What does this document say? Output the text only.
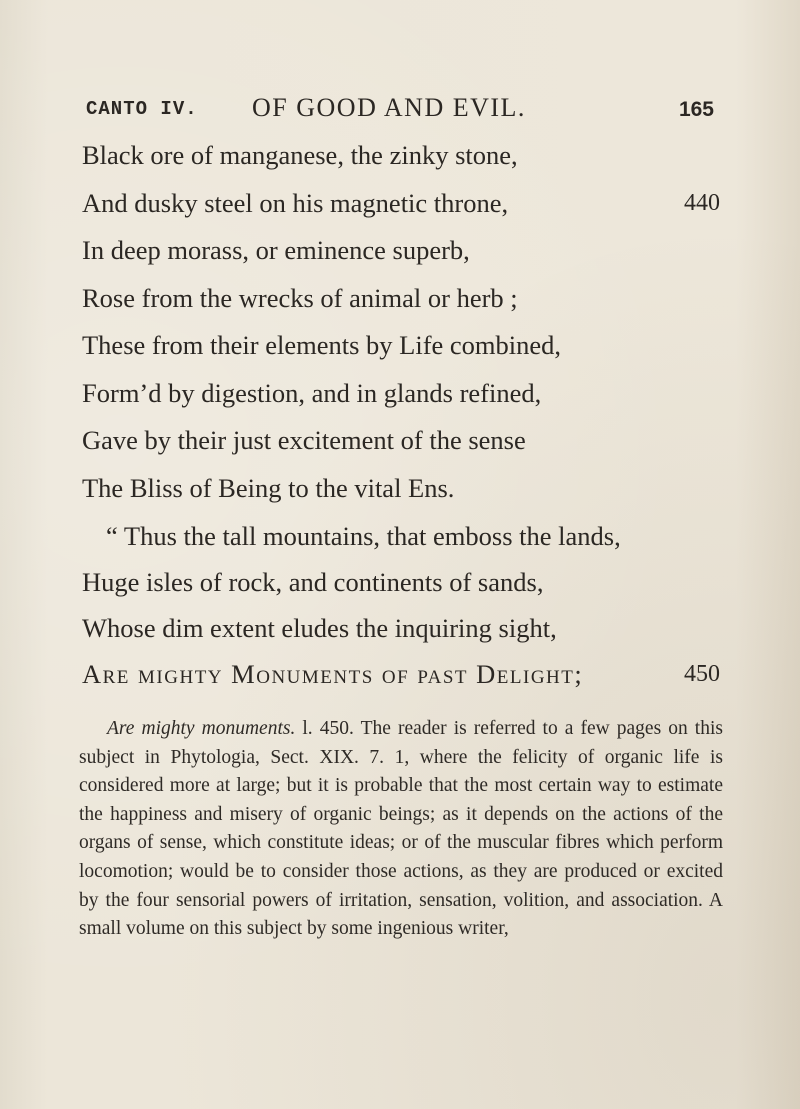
CANTO IV. OF GOOD AND EVIL.	165
Black ore of manganese, the zinky stone,
And dusky steel on his magnetic throne,	440
In deep morass, or eminence superb,
Rose from the wrecks of animal or herb ;
These from their elements by Life combined,
Form’d by digestion, and in glands refined,
Gave by their just excitement of the sense
The Bliss of Being to the vital Ens.
“ Thus the tall mountains, that emboss the lands,
Huge isles of rock, and continents of sands,
Whose dim extent eludes the inquiring sight,
Are mighty Monuments of past Delight;	450

Are mighty monuments. l. 450. The reader is referred to a few pages on this subject in Phytologia, Sect. XIX. 7. 1, where the felicity of organic life is considered more at large; but it is probable that the most certain way to estimate the happiness and misery of organic beings; as it depends on the actions of the organs of sense, which constitute ideas; or of the muscular fibres which perform locomotion; would be to consider those actions, as they are produced or excited by the four sensorial powers of irritation, sensation, volition, and association. A small volume on this subject by some ingenious writer,
